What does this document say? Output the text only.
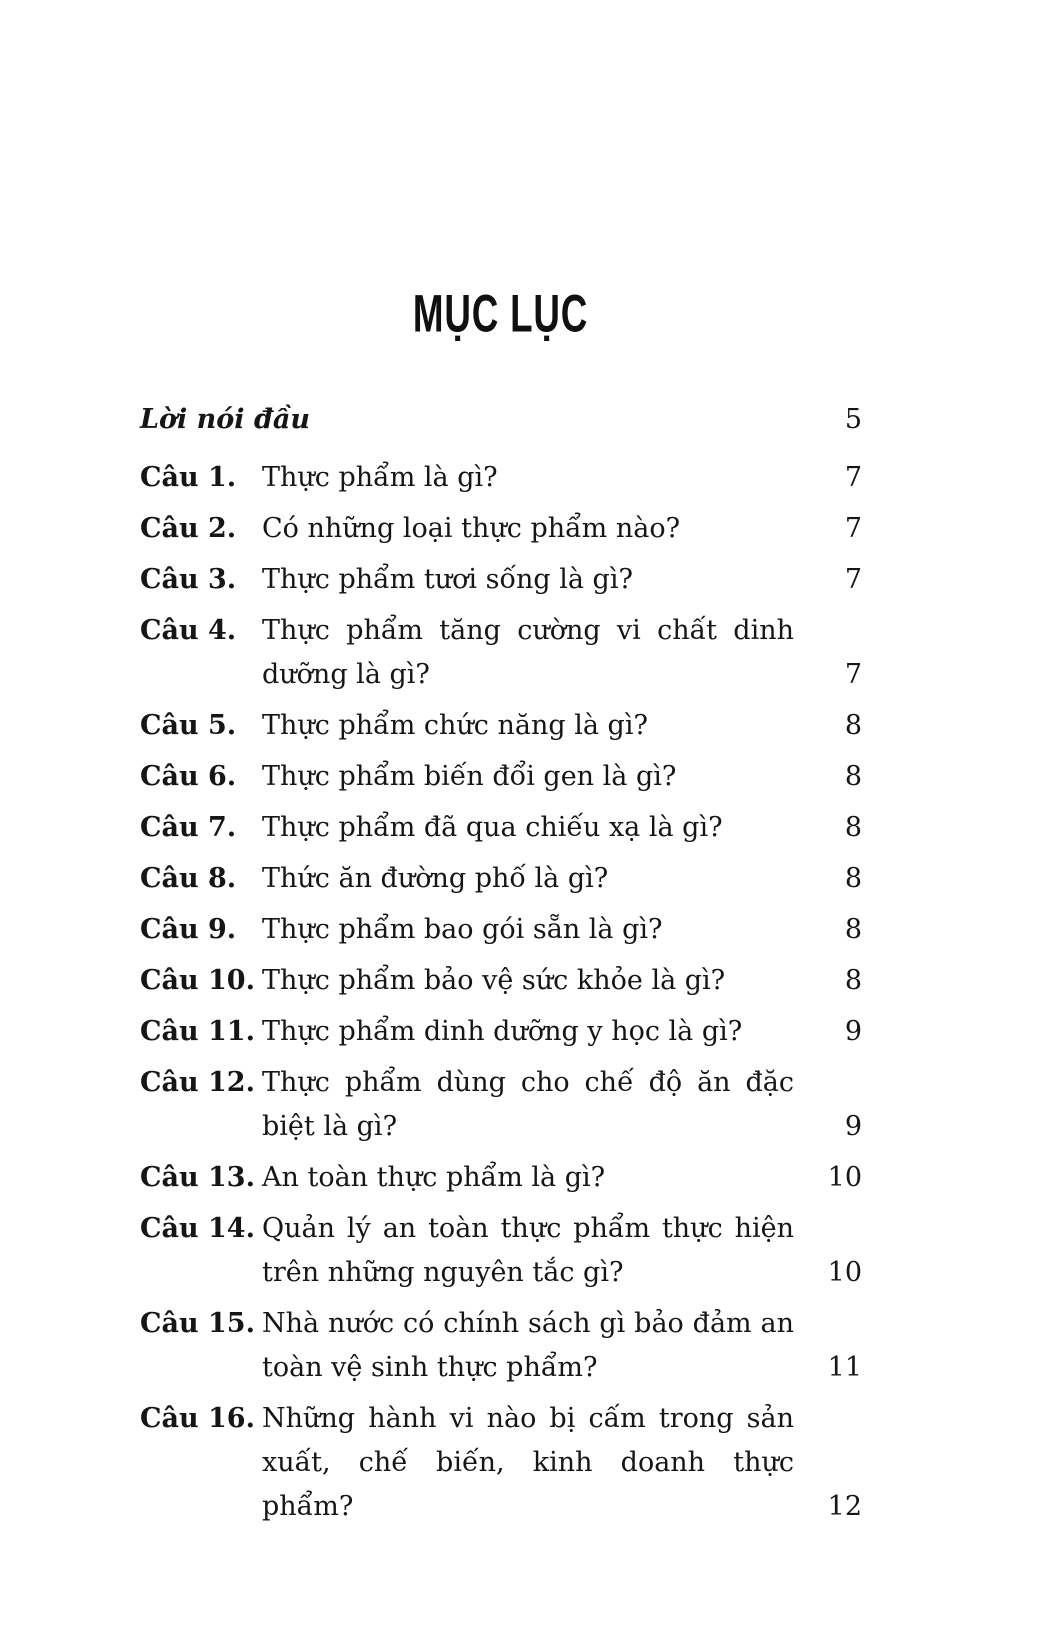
MỤC LỤC
Lời nói đầu	5
Câu 1. Thực phẩm là gì?	7
Câu 2. Có những loại thực phẩm nào?	7
Câu 3. Thực phẩm tươi sống là gì?	7
Câu 4. Thực phẩm tăng cường vi chất dinh dưỡng là gì?	7
Câu 5. Thực phẩm chức năng là gì?	8
Câu 6. Thực phẩm biến đổi gen là gì?	8
Câu 7. Thực phẩm đã qua chiếu xạ là gì?	8
Câu 8. Thức ăn đường phố là gì?	8
Câu 9. Thực phẩm bao gói sẵn là gì?	8
Câu 10. Thực phẩm bảo vệ sức khỏe là gì?	8
Câu 11. Thực phẩm dinh dưỡng y học là gì?	9
Câu 12. Thực phẩm dùng cho chế độ ăn đặc biệt là gì?	9
Câu 13. An toàn thực phẩm là gì?	10
Câu 14. Quản lý an toàn thực phẩm thực hiện trên những nguyên tắc gì?	10
Câu 15. Nhà nước có chính sách gì bảo đảm an toàn vệ sinh thực phẩm?	11
Câu 16. Những hành vi nào bị cấm trong sản xuất, chế biến, kinh doanh thực phẩm?	12
